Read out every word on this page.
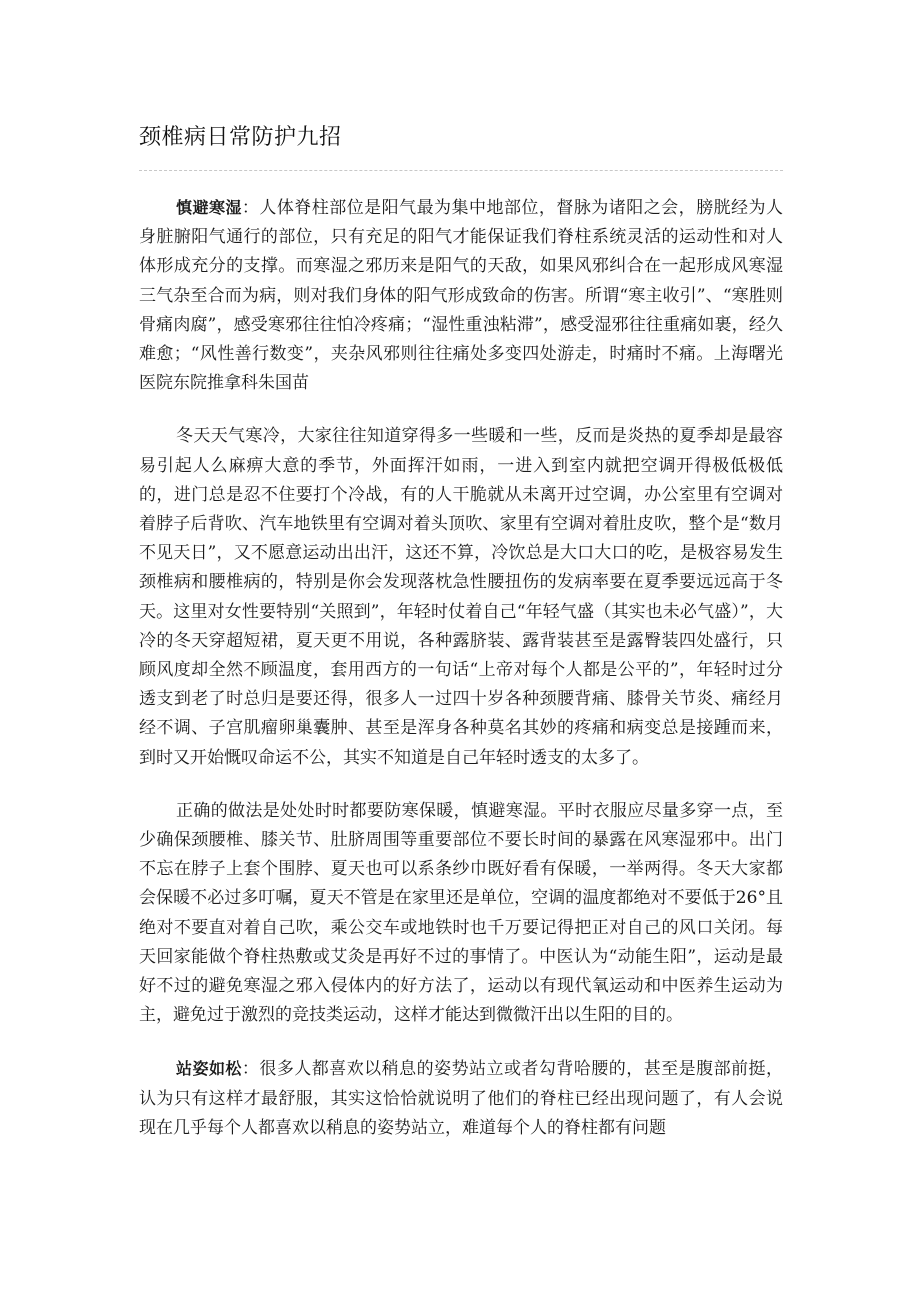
颈椎病日常防护九招

慎避寒湿：人体脊柱部位是阳气最为集中地部位，督脉为诸阳之会，膀胱经为人身脏腑阳气通行的部位，只有充足的阳气才能保证我们脊柱系统灵活的运动性和对人体形成充分的支撑。而寒湿之邪历来是阳气的天敌，如果风邪纠合在一起形成风寒湿三气杂至合而为病，则对我们身体的阳气形成致命的伤害。所谓“寒主收引”、“寒胜则骨痛肉腐”，感受寒邪往往怕冷疼痛；“湿性重浊粘滞”，感受湿邪往往重痛如裹，经久难愈；“风性善行数变”，夹杂风邪则往往痛处多变四处游走，时痛时不痛。上海曙光医院东院推拿科朱国苗

冬天天气寒冷，大家往往知道穿得多一些暖和一些，反而是炎热的夏季却是最容易引起人么麻痹大意的季节，外面挥汗如雨，一进入到室内就把空调开得极低极低的，进门总是忍不住要打个冷战，有的人干脆就从未离开过空调，办公室里有空调对着脖子后背吹、汽车地铁里有空调对着头顶吹、家里有空调对着肚皮吹，整个是“数月不见天日”，又不愿意运动出出汗，这还不算，冷饮总是大口大口的吃，是极容易发生颈椎病和腰椎病的，特别是你会发现落枕急性腰扭伤的发病率要在夏季要远远高于冬天。这里对女性要特别“关照到”，年轻时仗着自己“年轻气盛（其实也未必气盛）”，大冷的冬天穿超短裙，夏天更不用说，各种露脐装、露背装甚至是露臀装四处盛行，只顾风度却全然不顾温度，套用西方的一句话“上帝对每个人都是公平的”，年轻时过分透支到老了时总归是要还得，很多人一过四十岁各种颈腰背痛、膝骨关节炎、痛经月经不调、子宫肌瘤卵巢囊肿、甚至是浑身各种莫名其妙的疼痛和病变总是接踵而来，到时又开始慨叹命运不公，其实不知道是自己年轻时透支的太多了。

正确的做法是处处时时都要防寒保暖，慎避寒湿。平时衣服应尽量多穿一点，至少确保颈腰椎、膝关节、肚脐周围等重要部位不要长时间的暴露在风寒湿邪中。出门不忘在脖子上套个围脖、夏天也可以系条纱巾既好看有保暖，一举两得。冬天大家都会保暖不必过多叮嘱，夏天不管是在家里还是单位，空调的温度都绝对不要低于26°且绝对不要直对着自己吹，乘公交车或地铁时也千万要记得把正对自己的风口关闭。每天回家能做个脊柱热敷或艾灸是再好不过的事情了。中医认为“动能生阳”，运动是最好不过的避免寒湿之邪入侵体内的好方法了，运动以有现代氧运动和中医养生运动为主，避免过于激烈的竞技类运动，这样才能达到微微汗出以生阳的目的。

站姿如松：很多人都喜欢以稍息的姿势站立或者勾背哈腰的，甚至是腹部前挺，认为只有这样才最舒服，其实这恰恰就说明了他们的脊柱已经出现问题了，有人会说现在几乎每个人都喜欢以稍息的姿势站立，难道每个人的脊柱都有问题
